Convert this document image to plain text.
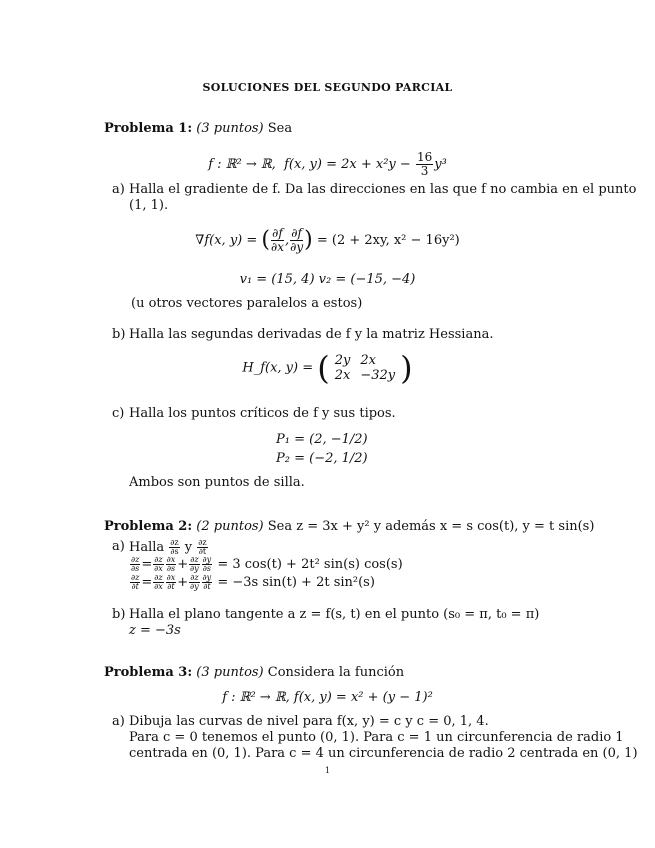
SOLUCIONES DEL SEGUNDO PARCIAL
Problema 1: (3 puntos) Sea
f : ℝ² → ℝ, f(x, $y) = 2x + x^2y - \frac{16}{3} y^3$
a) Halla el gradiente de f. Da las direcciones en las que f no cambia en el punto
(1, 1).
∇f(x, y) = ( $\frac{\partial f}{\partial x}$ , $\frac{\partial f}{\partial y}$ ) = (2 + 2xy, x² − 16y²)
v₁ = (15, 4) v₂ = (−15, −4)
(u otros vectores paralelos a estos)
b) Halla las segundas derivadas de f y la matriz Hessiana.
H_f(x, y) = ( 2y	2x
2x	−32y )
c) Halla los puntos críticos de f y sus tipos.
P₁ = (2, −1/2)
P₂ = (−2, 1/2)
Ambos son puntos de silla.
Problema 2: (2 puntos) Sea z = 3x + y² y además x = s cos(t), y = t sin(s)
a) Halla $\frac{\partial z}{\partial s}$ y $\frac{\partial z}{\partial t}$
$\frac{\partial z}{\partial s} = \frac{\partial z}{\partial x} \frac{\partial x}{\partial s} + \frac{\partial z}{\partial y} \frac{\partial y}{\partial s} = 3$ cos(t) + 2t² sin(s) cos(s)
$\frac{\partial z}{\partial t} = \frac{\partial z}{\partial x} \frac{\partial x}{\partial t} + \frac{\partial z}{\partial y} \frac{\partial y}{\partial t} = -3s$ sin(t) + 2t sin²(s)
b) Halla el plano tangente a z = f(s, t) en el punto (s₀ = π, t₀ = π)
z = −3s
Problema 3: (3 puntos) Considera la función
f : ℝ² → ℝ, f(x, y) = x² + (y − 1)²
a) Dibuja las curvas de nivel para f(x, y) = c y c = 0, 1, 4.
Para c = 0 tenemos el punto (0, 1). Para c = 1 un circunferencia de radio 1
centrada en (0, 1). Para c = 4 un circunferencia de radio 2 centrada en (0, 1)
1
